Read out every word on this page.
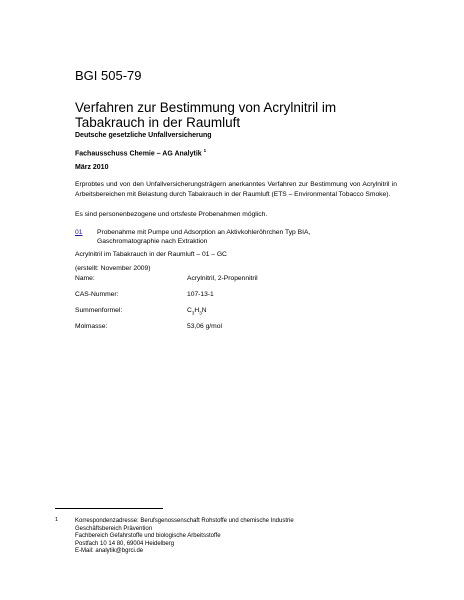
BGI 505-79
Verfahren zur Bestimmung von Acrylnitril im Tabakrauch in der Raumluft
Deutsche gesetzliche Unfallversicherung
Fachausschuss Chemie – AG Analytik $^1$
März 2010
Erprobtes und von den Unfallversicherungsträgern anerkanntes Verfahren zur Bestimmung von Acrylnitril in Arbeitsbereichen mit Belastung durch Tabakrauch in der Raumluft (ETS – Environmental Tobacco Smoke).
Es sind personenbezogene und ortsfeste Probenahmen möglich.
01	Probenahme mit Pumpe und Adsorption an Aktivkohleröhrchen Typ BIA,
Gaschromatographie nach Extraktion
Acrylnitril im Tabakrauch in der Raumluft – 01 – GC
(erstellt: November 2009)
Name:	Acrylnitril, 2-Propennitril
CAS-Nummer:	107-13-1
Summenformel:	$C_3H_3N$
Molmasse:	53,06 g/mol
1	Korrespondenzadresse: Berufsgenossenschaft Rohstoffe und chemische Industrie
Geschäftsbereich Prävention
Fachbereich Gefahrstoffe und biologische Arbeitsstoffe
Postfach 10 14 80, 69004 Heidelberg
E-Mail: analytik@bgrci.de
